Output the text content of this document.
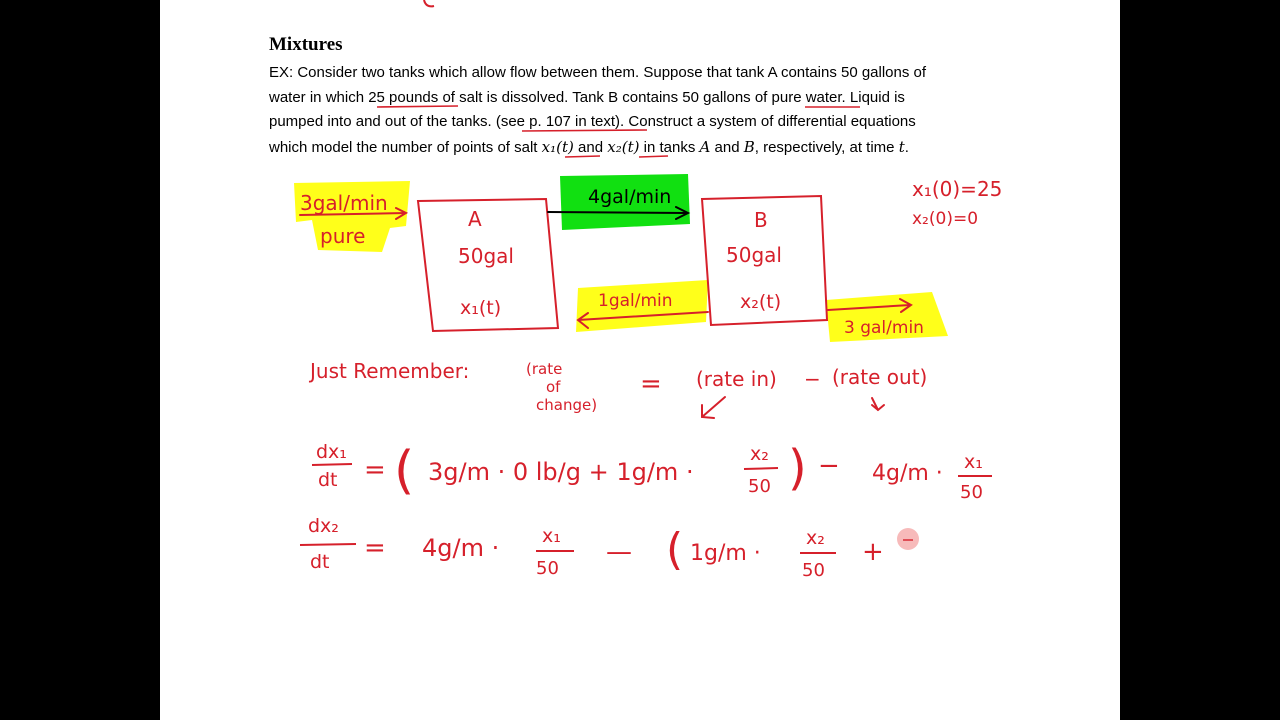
Mixtures
EX: Consider two tanks which allow flow between them. Suppose that tank A contains 50 gallons of
water in which 25 pounds of salt is dissolved. Tank B contains 50 gallons of pure water. Liquid is
pumped into and out of the tanks. (see p. 107 in text). Construct a system of differential equations
which model the number of points of salt x₁(t) and x₂(t) in tanks A and B, respectively, at time t.
3gal/min
pure
4gal/min
1gal/min
3 gal/min
A
50gal
x₁(t)
B
50gal
x₂(t)
x₁(0)=25
x₂(0)=0
Just Remember:	(rate
of
change)
= (rate in) − (rate out)
dx₁
dt = ( 3g/m · 0 lb/g + 1g/m ·
x₂
50 ) − 4g/m · x₁
50
dx₂
dt = 4g/m · x₁
50
— ( 1g/m ·
x₂
50
+
